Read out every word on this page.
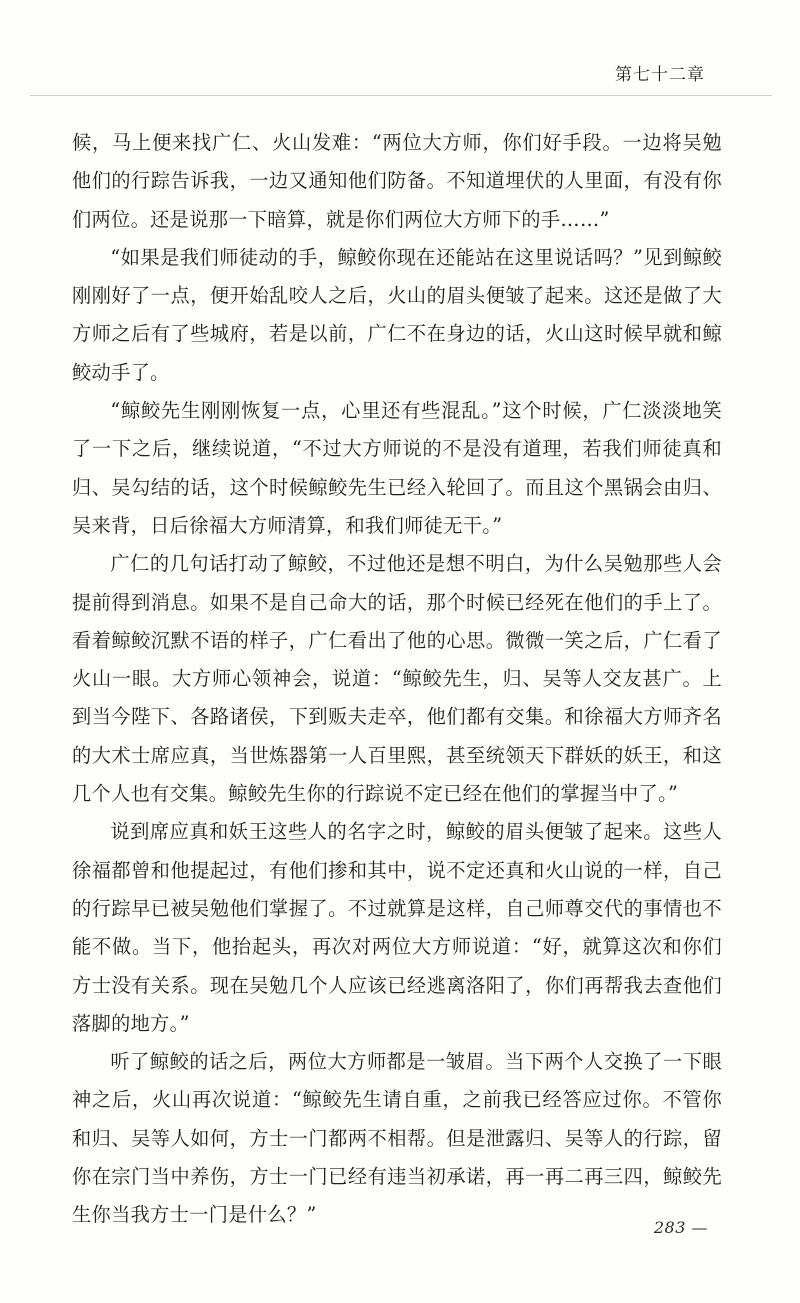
第七十二章

候，马上便来找广仁、火山发难：“两位大方师，你们好手段。一边将吴勉他们的行踪告诉我，一边又通知他们防备。不知道埋伏的人里面，有没有你们两位。还是说那一下暗算，就是你们两位大方师下的手……”

“如果是我们师徒动的手，鲸鲛你现在还能站在这里说话吗？”见到鲸鲛刚刚好了一点，便开始乱咬人之后，火山的眉头便皱了起来。这还是做了大方师之后有了些城府，若是以前，广仁不在身边的话，火山这时候早就和鲸鲛动手了。

“鲸鲛先生刚刚恢复一点，心里还有些混乱。”这个时候，广仁淡淡地笑了一下之后，继续说道，“不过大方师说的不是没有道理，若我们师徒真和归、吴勾结的话，这个时候鲸鲛先生已经入轮回了。而且这个黑锅会由归、吴来背，日后徐福大方师清算，和我们师徒无干。”

广仁的几句话打动了鲸鲛，不过他还是想不明白，为什么吴勉那些人会提前得到消息。如果不是自己命大的话，那个时候已经死在他们的手上了。看着鲸鲛沉默不语的样子，广仁看出了他的心思。微微一笑之后，广仁看了火山一眼。大方师心领神会，说道：“鲸鲛先生，归、吴等人交友甚广。上到当今陛下、各路诸侯，下到贩夫走卒，他们都有交集。和徐福大方师齐名的大术士席应真，当世炼器第一人百里熙，甚至统领天下群妖的妖王，和这几个人也有交集。鲸鲛先生你的行踪说不定已经在他们的掌握当中了。”

说到席应真和妖王这些人的名字之时，鲸鲛的眉头便皱了起来。这些人徐福都曾和他提起过，有他们掺和其中，说不定还真和火山说的一样，自己的行踪早已被吴勉他们掌握了。不过就算是这样，自己师尊交代的事情也不能不做。当下，他抬起头，再次对两位大方师说道：“好，就算这次和你们方士没有关系。现在吴勉几个人应该已经逃离洛阳了，你们再帮我去查他们落脚的地方。”

听了鲸鲛的话之后，两位大方师都是一皱眉。当下两个人交换了一下眼神之后，火山再次说道：“鲸鲛先生请自重，之前我已经答应过你。不管你和归、吴等人如何，方士一门都两不相帮。但是泄露归、吴等人的行踪，留你在宗门当中养伤，方士一门已经有违当初承诺，再一再二再三四，鲸鲛先生你当我方士一门是什么？”

283 —
